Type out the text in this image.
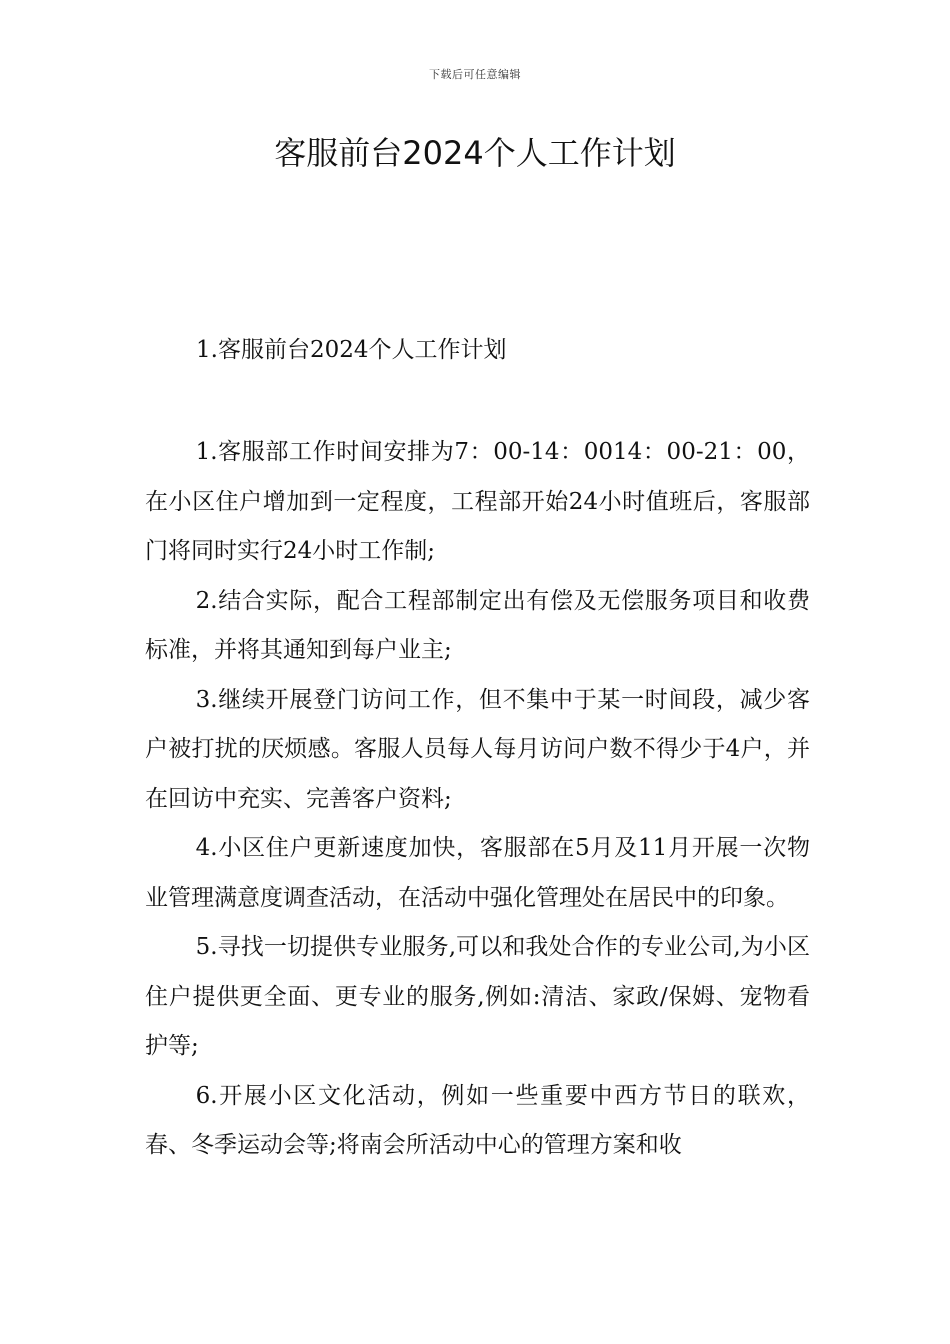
下载后可任意编辑
客服前台2024个人工作计划
1.客服前台2024个人工作计划

1.客服部工作时间安排为7：00-14：0014：00-21：00，在小区住户增加到一定程度，工程部开始24小时值班后，客服部门将同时实行24小时工作制;

2.结合实际，配合工程部制定出有偿及无偿服务项目和收费标准，并将其通知到每户业主;

3.继续开展登门访问工作，但不集中于某一时间段，减少客户被打扰的厌烦感。客服人员每人每月访问户数不得少于4户，并在回访中充实、完善客户资料;

4.小区住户更新速度加快，客服部在5月及11月开展一次物业管理满意度调查活动，在活动中强化管理处在居民中的印象。

5.寻找一切提供专业服务,可以和我处合作的专业公司,为小区住户提供更全面、更专业的服务,例如:清洁、家政/保姆、宠物看护等;

6.开展小区文化活动，例如一些重要中西方节日的联欢，春、冬季运动会等;将南会所活动中心的管理方案和收
